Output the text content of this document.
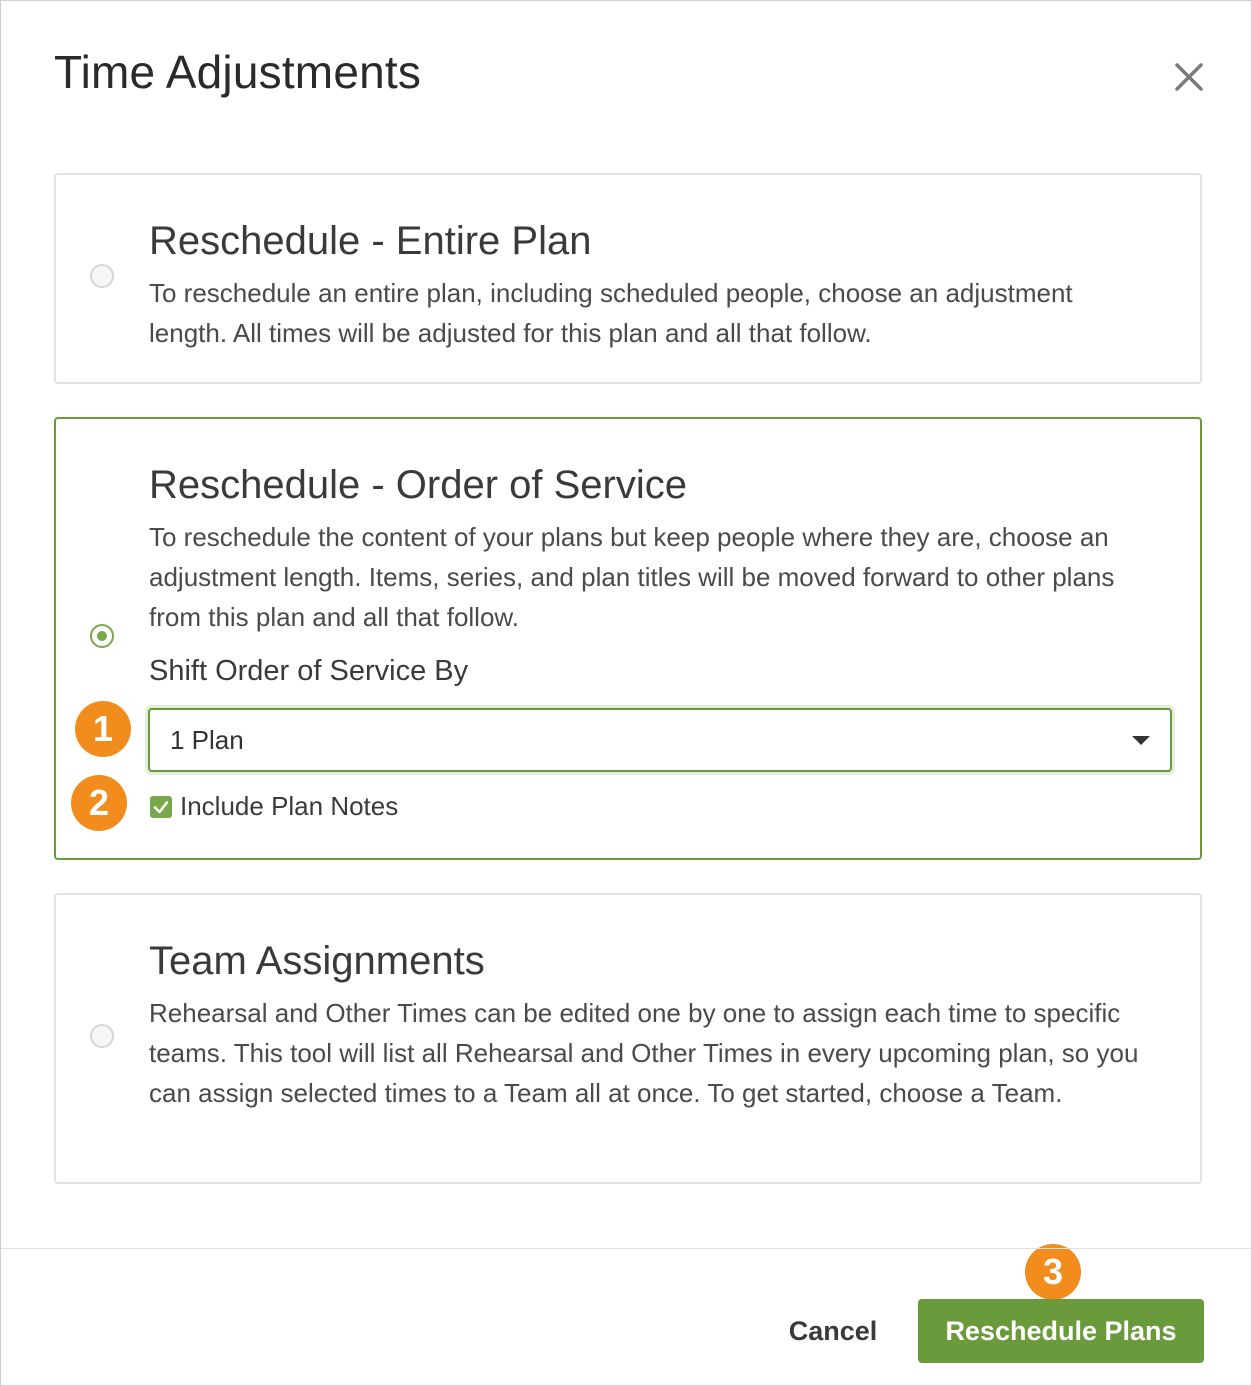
Time Adjustments
Reschedule - Entire Plan
To reschedule an entire plan, including scheduled people, choose an adjustment length. All times will be adjusted for this plan and all that follow.
Reschedule - Order of Service
To reschedule the content of your plans but keep people where they are, choose an adjustment length. Items, series, and plan titles will be moved forward to other plans from this plan and all that follow.
Shift Order of Service By
1 Plan
Include Plan Notes
Team Assignments
Rehearsal and Other Times can be edited one by one to assign each time to specific teams. This tool will list all Rehearsal and Other Times in every upcoming plan, so you can assign selected times to a Team all at once. To get started, choose a Team.
1
2
3
Cancel	Reschedule Plans
